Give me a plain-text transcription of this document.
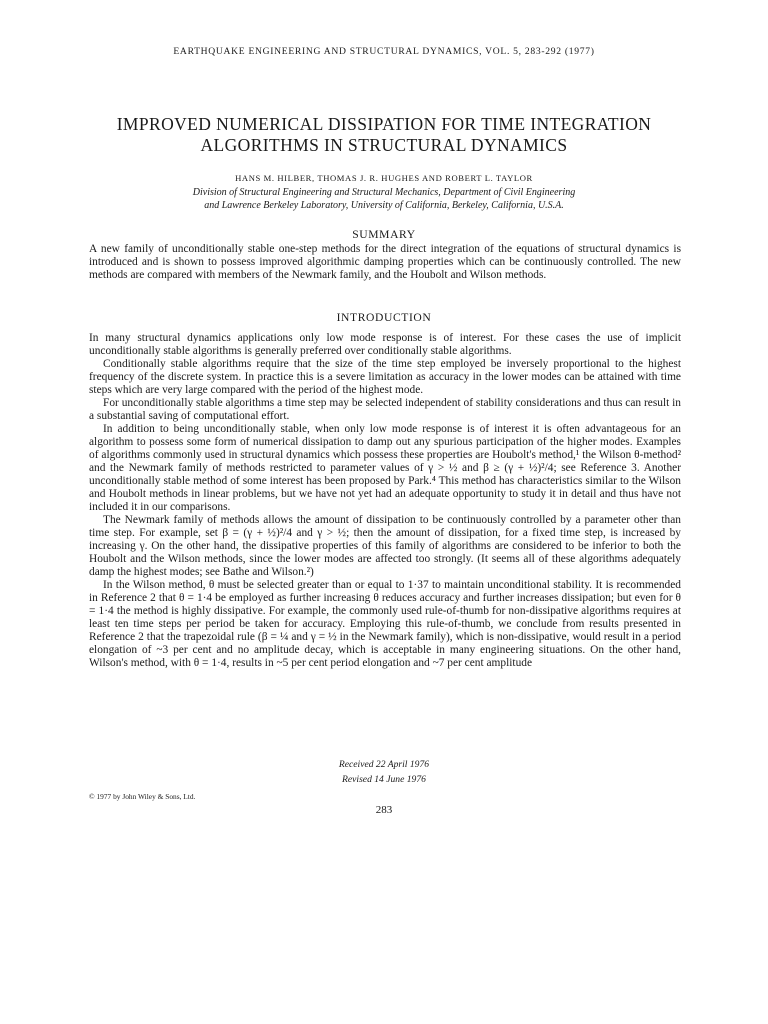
EARTHQUAKE ENGINEERING AND STRUCTURAL DYNAMICS, VOL. 5, 283-292 (1977)
IMPROVED NUMERICAL DISSIPATION FOR TIME INTEGRATION
ALGORITHMS IN STRUCTURAL DYNAMICS
HANS M. HILBER, THOMAS J. R. HUGHES AND ROBERT L. TAYLOR
Division of Structural Engineering and Structural Mechanics, Department of Civil Engineering
and Lawrence Berkeley Laboratory, University of California, Berkeley, California, U.S.A.
SUMMARY

A new family of unconditionally stable one-step methods for the direct integration of the equations of structural dynamics is introduced and is shown to possess improved algorithmic damping properties which can be continuously controlled. The new methods are compared with members of the Newmark family, and the Houbolt and Wilson methods.

INTRODUCTION

In many structural dynamics applications only low mode response is of interest. For these cases the use of implicit unconditionally stable algorithms is generally preferred over conditionally stable algorithms.

Conditionally stable algorithms require that the size of the time step employed be inversely proportional to the highest frequency of the discrete system. In practice this is a severe limitation as accuracy in the lower modes can be attained with time steps which are very large compared with the period of the highest mode.

For unconditionally stable algorithms a time step may be selected independent of stability considerations and thus can result in a substantial saving of computational effort.

In addition to being unconditionally stable, when only low mode response is of interest it is often advantageous for an algorithm to possess some form of numerical dissipation to damp out any spurious participation of the higher modes. Examples of algorithms commonly used in structural dynamics which possess these properties are Houbolt's method,¹ the Wilson θ-method² and the Newmark family of methods restricted to parameter values of γ > ½ and β ≥ (γ + ½)²/4; see Reference 3. Another unconditionally stable method of some interest has been proposed by Park.⁴ This method has characteristics similar to the Wilson and Houbolt methods in linear problems, but we have not yet had an adequate opportunity to study it in detail and thus have not included it in our comparisons.

The Newmark family of methods allows the amount of dissipation to be continuously controlled by a parameter other than time step. For example, set β = (γ + ½)²/4 and γ > ½; then the amount of dissipation, for a fixed time step, is increased by increasing γ. On the other hand, the dissipative properties of this family of algorithms are considered to be inferior to both the Houbolt and the Wilson methods, since the lower modes are affected too strongly. (It seems all of these algorithms adequately damp the highest modes; see Bathe and Wilson.²)

In the Wilson method, θ must be selected greater than or equal to 1·37 to maintain unconditional stability. It is recommended in Reference 2 that θ = 1·4 be employed as further increasing θ reduces accuracy and further increases dissipation; but even for θ = 1·4 the method is highly dissipative. For example, the commonly used rule-of-thumb for non-dissipative algorithms requires at least ten time steps per period be taken for accuracy. Employing this rule-of-thumb, we conclude from results presented in Reference 2 that the trapezoidal rule (β = ¼ and γ = ½ in the Newmark family), which is non-dissipative, would result in a period elongation of ~3 per cent and no amplitude decay, which is acceptable in many engineering situations. On the other hand, Wilson's method, with θ = 1·4, results in ~5 per cent period elongation and ~7 per cent amplitude

Received 22 April 1976
Revised 14 June 1976
© 1977 by John Wiley & Sons, Ltd.
283
